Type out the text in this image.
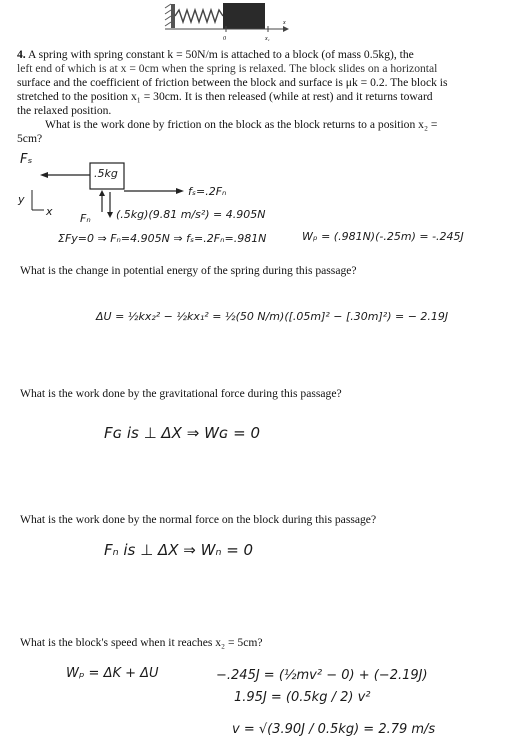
0	x₁
x
4. A spring with spring constant k = 50N/m is attached to a block (of mass 0.5kg), the
left end of which is at x = 0cm when the spring is relaxed. The block slides on a horizontal
surface and the coefficient of friction between the block and surface is μk = 0.2. The block is
stretched to the position x₁ = 30cm. It is then released (while at rest) and it returns toward
the relaxed position.
What is the work done by friction on the block as the block returns to a position x₂ =
5cm?
Fₛ
.5kg
fₛ=.2Fₙ
y
x
Fₙ (.5kg)(9.81 m/s²) = 4.905N
ΣFy=0 ⇒ Fₙ=4.905N ⇒ fₛ=.2Fₙ=.981N	Wₚ = (.981N)(-.25m) = -.245J
What is the change in potential energy of the spring during this passage?
ΔU = ½kx₂² − ½kx₁² = ½(50 N/m)([.05m]² − [.30m]²) = − 2.19J
What is the work done by the gravitational force during this passage?
Fɢ is ⊥ ΔX ⇒ Wɢ = 0
What is the work done by the normal force on the block during this passage?
Fₙ is ⊥ ΔX ⇒ Wₙ = 0
What is the block's speed when it reaches x₂ = 5cm?
Wₚ = ΔK + ΔU	−.245J = (½mv² − 0) + (−2.19J)
1.95J = (0.5kg / 2) v²
v = √(3.90J / 0.5kg) = 2.79 m/s
